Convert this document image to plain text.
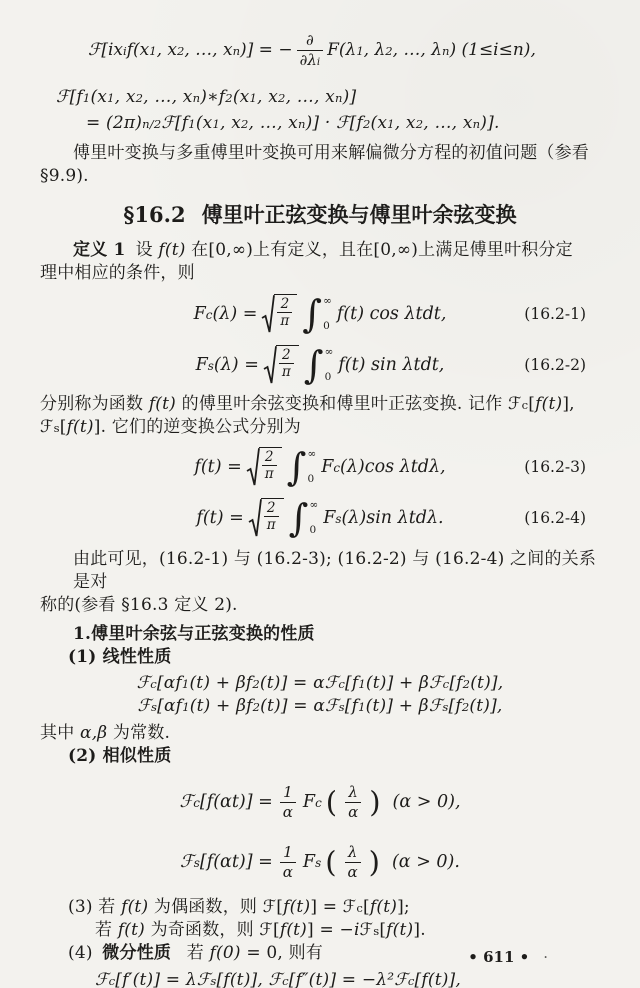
$ℱ[ix_if(x_1$, $x_2$, …, $x_n$)] = − $\frac{\partial}{\partial\lambda_i} F(\lambda_1$, $\lambda_2$, …, $\lambda_n$) (1≤i≤n),
$ℱ[f_1(x_1$, $x_2$, …, $x_n)∗f_2(x_1$, $x_2$, …, $x_n$)]
= $(2\pi)^{n/2}ℱ[f_1(x_1$, $x_2$, …, $x_n$)] · $ℱ[f_2(x_1$, $x_2$, …, $x_n$)].
傅里叶变换与多重傅里叶变换可用来解偏微分方程的初值问题（参看
§9.9).
§16.2 傅里叶正弦变换与傅里叶余弦变换
定义 1 设 f(t) 在[0,∞)上有定义，且在[0,∞)上满足傅里叶积分定
理中相应的条件，则
$F_c(\lambda) = \frac{2}{\pi}$ ∫ ∞
0
f(t) cos λtdt,	(16.2-1)
$F_s(\lambda) = \frac{2}{\pi}$ ∫ ∞
0
f(t) sin λtdt,	(16.2-2)
分别称为函数 f(t) 的傅里叶余弦变换和傅里叶正弦变换. 记作 ℱ$_c$[f(t)],
ℱ$_s$[f(t)]. 它们的逆变换公式分别为
$f(t) = \frac{2}{\pi}$ ∫ ∞
0
$F_c(\lambda)\cos$ λtdλ,	(16.2-3)
$f(t) = \frac{2}{\pi}$ ∫ ∞
0
$F_s(\lambda)\sin$ λtdλ.	(16.2-4)
由此可见，(16.2-1) 与 (16.2-3); (16.2-2) 与 (16.2-4) 之间的关系是对
称的(参看 §16.3 定义 2).
1.傅里叶余弦与正弦变换的性质
(1) 线性性质
$ℱ_c[\alpha f_1(t) + \beta f_2(t)]$ = $\alpha ℱ_c[f_1(t)]$ + $\beta ℱ_c[f_2(t)]$,
$ℱ_s[\alpha f_1(t) + \beta f_2(t)]$ = $\alpha ℱ_s[f_1(t)]$ + $\beta ℱ_s[f_2(t)]$,
其中 α,β 为常数.
(2) 相似性质
ℱ$_c$[f(αt)] = $\frac{1}{\alpha} F_c$ ( $\frac{\lambda}{\alpha}$ ) (α > 0),
ℱ$_s$[f(αt)] = $\frac{1}{\alpha} F_s$ ( $\frac{\lambda}{\alpha}$ ) (α > 0).
(3) 若 f(t) 为偶函数，则 ℱ[f(t)] = ℱ$_c$[f(t)];
若 f(t) 为奇函数，则 ℱ[f(t)] = −iℱ$_s$[f(t)].
(4) 微分性质 若 f(0) = 0, 则有
ℱ$_c$[f′(t)] = λℱ$_s$[f(t)], ℱ$_c$[f″(t)] = −λ²ℱ$_c$[f(t)],
• 611 • ·
